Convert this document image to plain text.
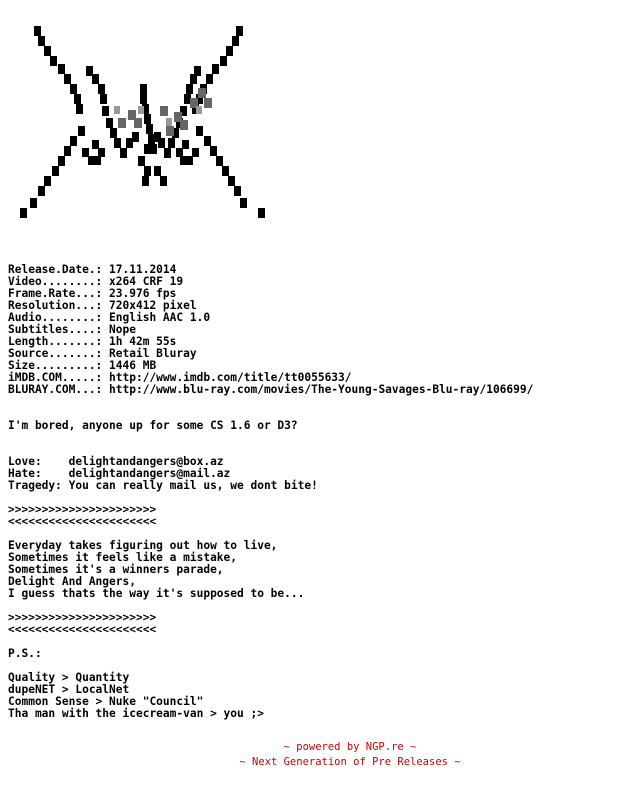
Release.Date.: 17.11.2014
Video........: x264 CRF 19
Frame.Rate...: 23.976 fps
Resolution...: 720x412 pixel
Audio........: English AAC 1.0
Subtitles....: Nope
Length.......: 1h 42m 55s
Source.......: Retail Bluray
Size.........: 1446 MB
iMDB.COM.....: http://www.imdb.com/title/tt0055633/
BLURAY.COM...: http://www.blu-ray.com/movies/The-Young-Savages-Blu-ray/106699/
I'm bored, anyone up for some CS 1.6 or D3?
Love:    delightandangers@box.az
Hate:    delightandangers@mail.az
Tragedy: You can really mail us, we dont bite!
>>>>>>>>>>>>>>>>>>>>>>
<<<<<<<<<<<<<<<<<<<<<<
Everyday takes figuring out how to live,
Sometimes it feels like a mistake,
Sometimes it's a winners parade,
Delight And Angers,
I guess thats the way it's supposed to be...
>>>>>>>>>>>>>>>>>>>>>>
<<<<<<<<<<<<<<<<<<<<<<
P.S.:
Quality > Quantity
dupeNET > LocalNet
Common Sense > Nuke "Council"
Tha man with the icecream-van > you ;>
~ powered by NGP.re ~
~ Next Generation of Pre Releases ~
